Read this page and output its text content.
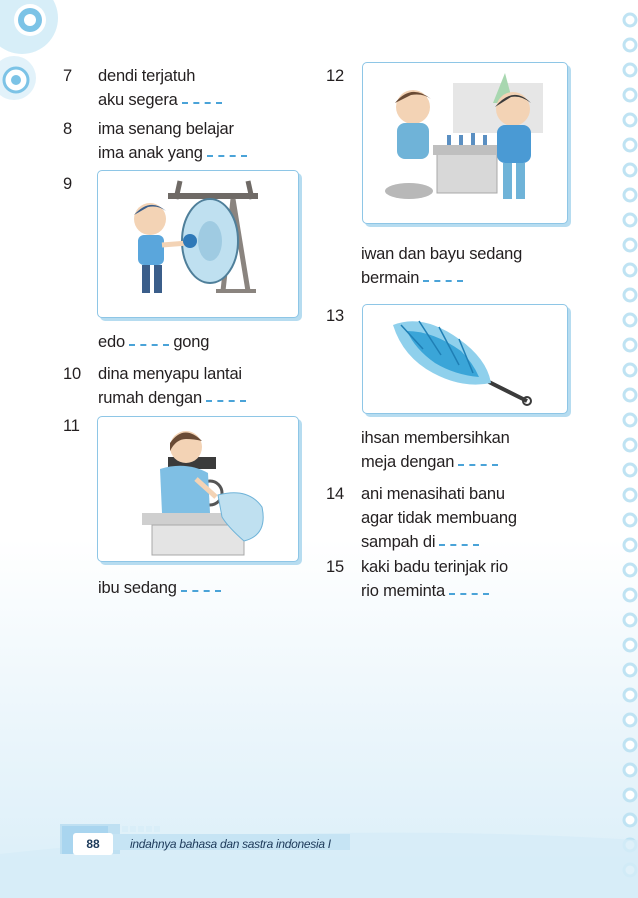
7 dendi terjatuh
aku segera
8 ima senang belajar
ima anak yang
9
edo	gong
10 dina menyapu lantai
rumah dengan
11
ibu sedang
12
iwan dan bayu sedang
bermain
13
ihsan membersihkan
meja dengan
14 ani menasihati banu
agar tidak membuang
sampah di
15 kaki badu terinjak rio
rio meminta
88	indahnya bahasa dan sastra indonesia I
